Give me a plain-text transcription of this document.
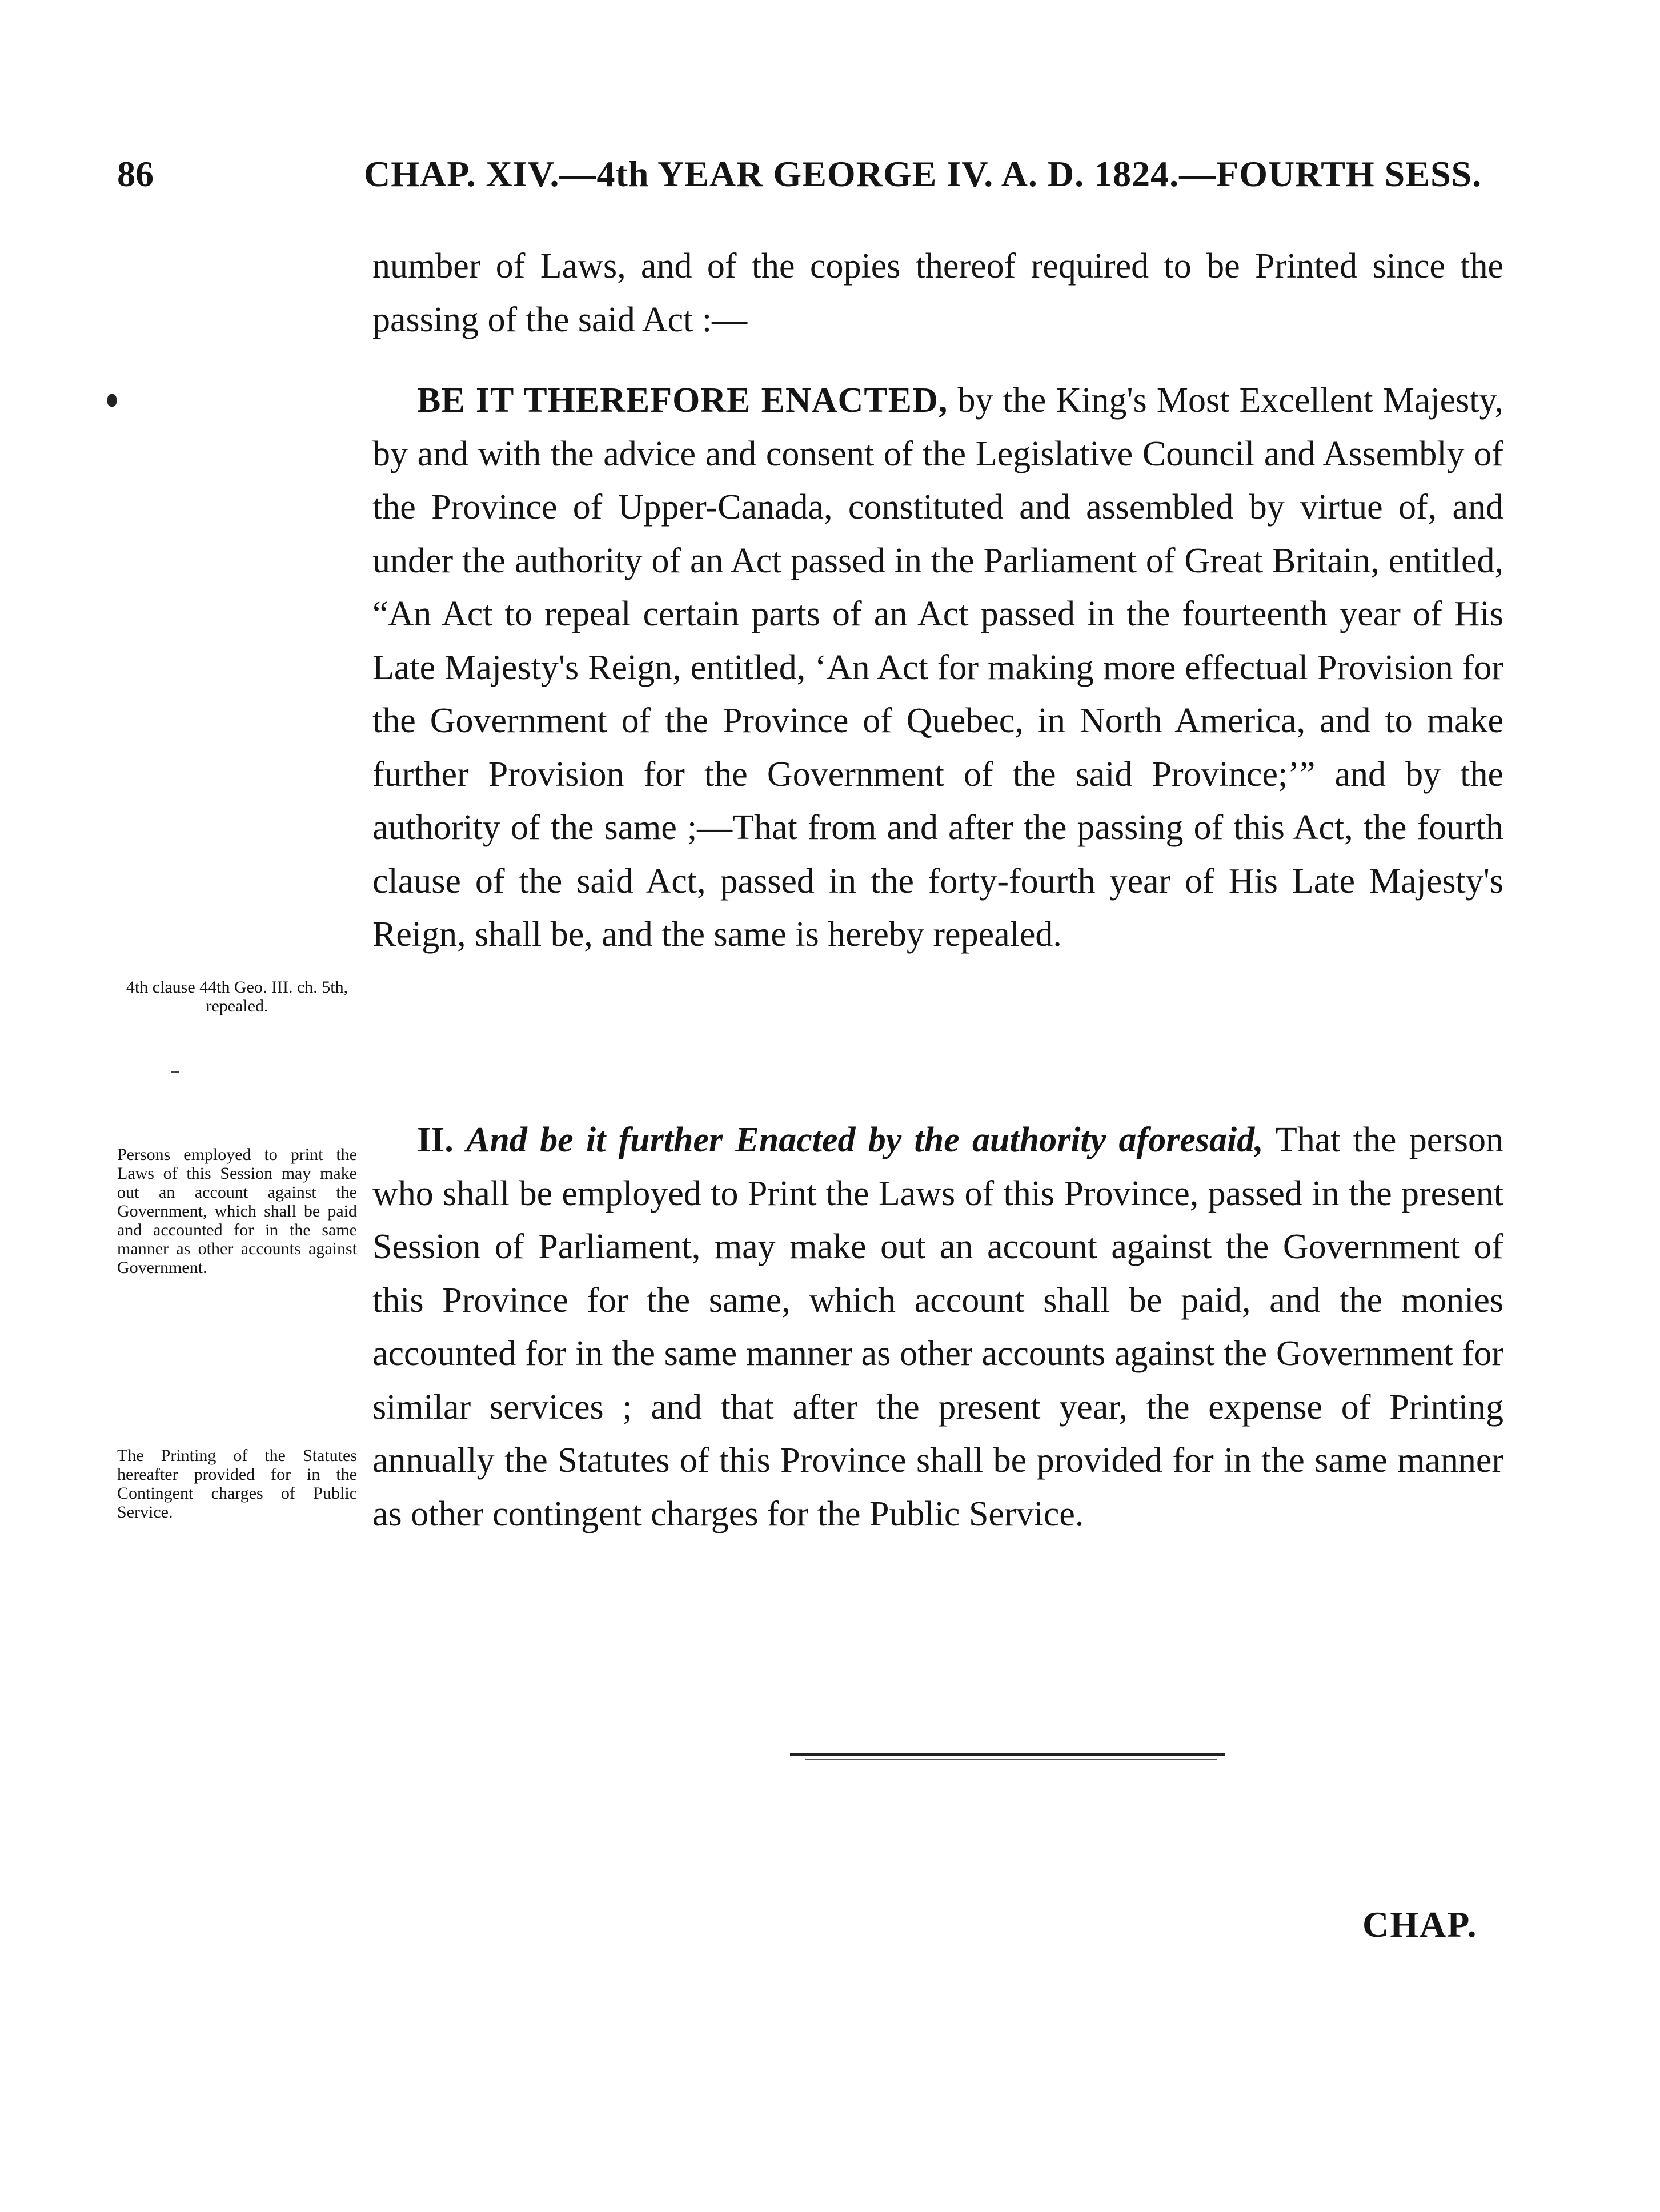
86	CHAP. XIV.—4th YEAR GEORGE IV. A. D. 1824.—FOURTH SESS.

number of Laws, and of the copies thereof required to be Printed since the passing of the said Act :—

BE IT THEREFORE ENACTED, by the King's Most Excellent Majesty, by and with the advice and consent of the Legislative Council and Assembly of the Province of Upper-Canada, constituted and assembled by virtue of, and under the authority of an Act passed in the Parliament of Great Britain, entitled, “An Act to repeal certain parts of an Act passed in the fourteenth year of His Late Majesty's Reign, entitled, ‘An Act for making more effectual Provision for the Government of the Province of Quebec, in North America, and to make further Provision for the Government of the said Province;’” and by the authority of the same ;—That from and after the passing of this Act, the fourth clause of the said Act, passed in the forty-fourth year of His Late Majesty's Reign, shall be, and the same is hereby repealed.

II. And be it further Enacted by the authority aforesaid, That the person who shall be employed to Print the Laws of this Province, passed in the present Session of Parliament, may make out an account against the Government of this Province for the same, which account shall be paid, and the monies accounted for in the same manner as other accounts against the Government for similar services ; and that after the present year, the expense of Printing annually the Statutes of this Province shall be provided for in the same manner as other contingent charges for the Public Service.

4th clause 44th Geo. III. ch. 5th, repealed.
Persons employed to print the Laws of this Session may make out an account against the Government, which shall be paid and accounted for in the same manner as other accounts against Government.
The Printing of the Statutes hereafter provided for in the Contingent charges of Public Service.
CHAP.
